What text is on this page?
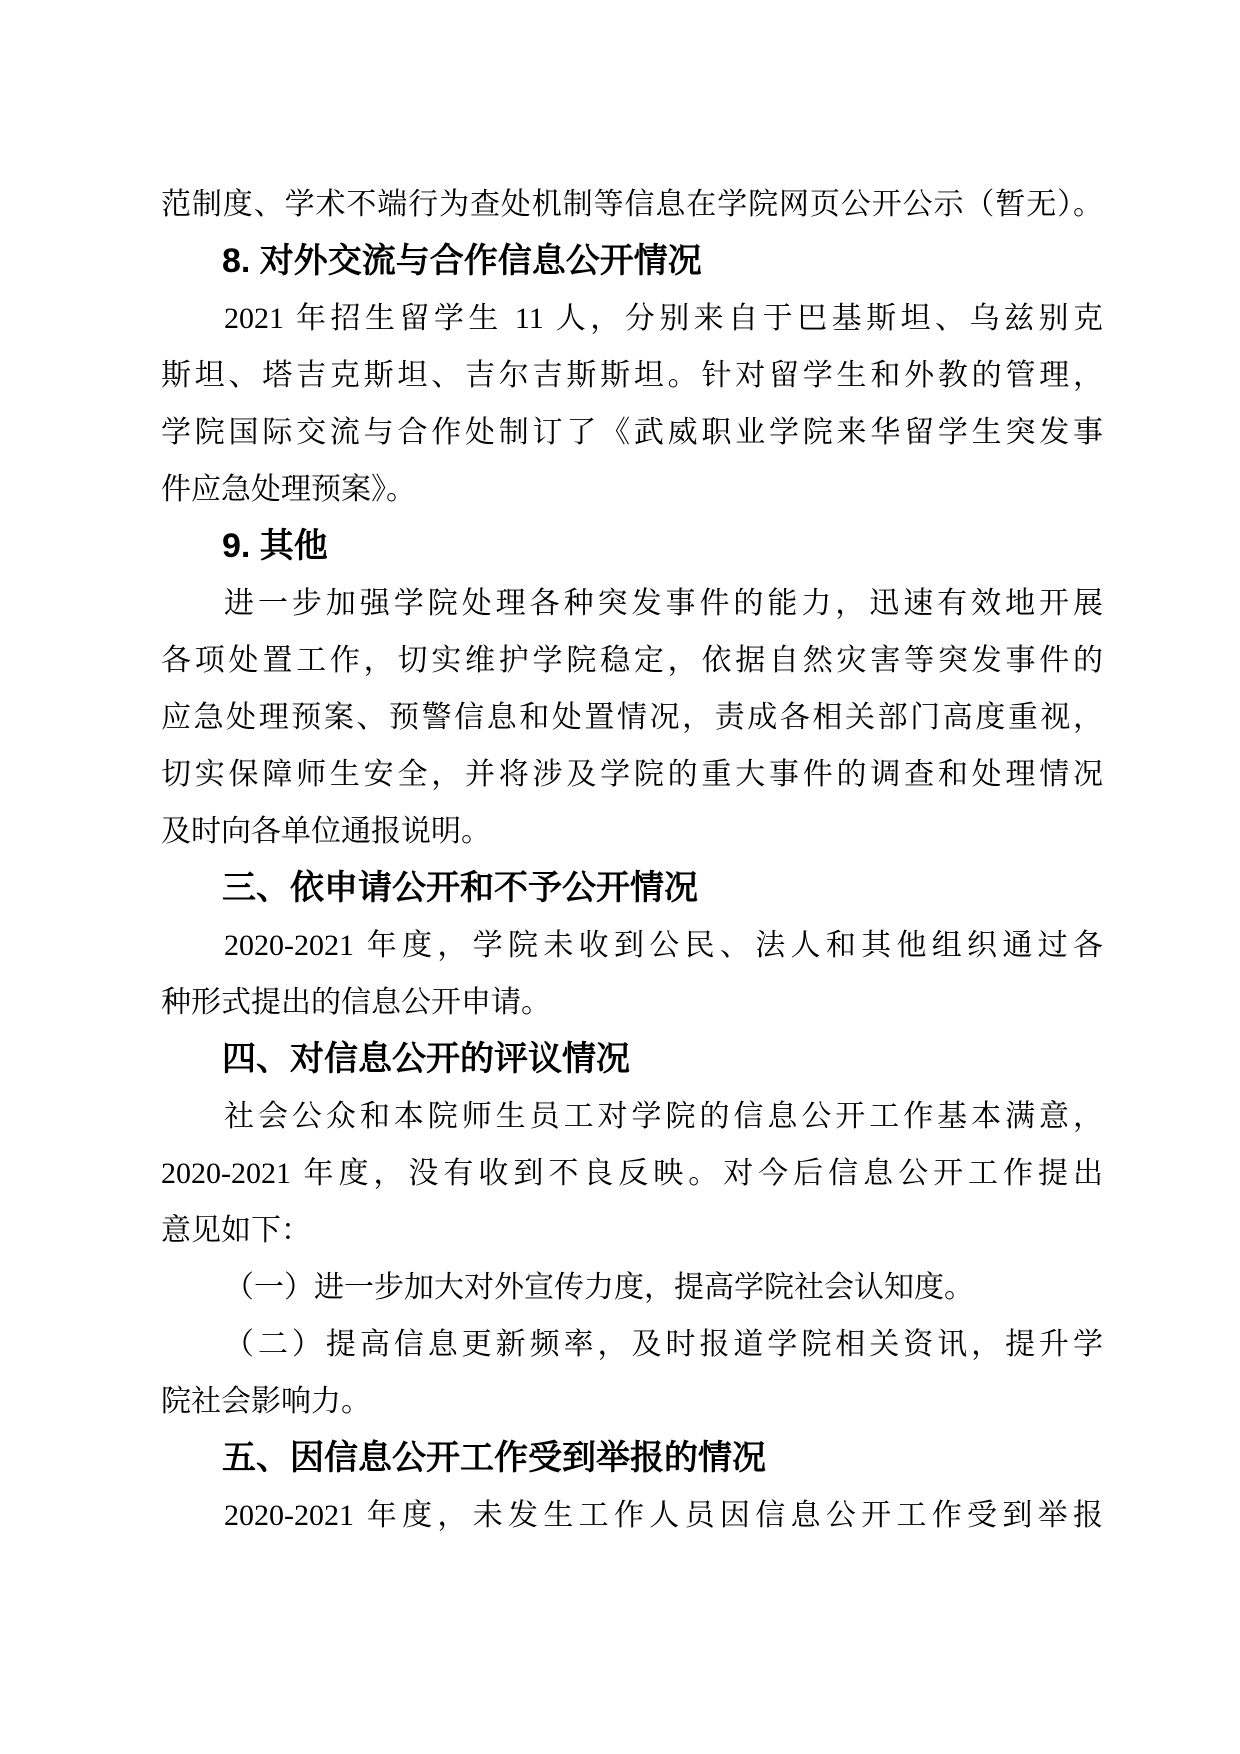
范制度、学术不端行为查处机制等信息在学院网页公开公示（暂无）。
8. 对外交流与合作信息公开情况
2021 年招生留学生 11 人，分别来自于巴基斯坦、乌兹别克
斯坦、塔吉克斯坦、吉尔吉斯斯坦。针对留学生和外教的管理，
学院国际交流与合作处制订了《武威职业学院来华留学生突发事
件应急处理预案》。
9. 其他
进一步加强学院处理各种突发事件的能力，迅速有效地开展
各项处置工作，切实维护学院稳定，依据自然灾害等突发事件的
应急处理预案、预警信息和处置情况，责成各相关部门高度重视，
切实保障师生安全，并将涉及学院的重大事件的调查和处理情况
及时向各单位通报说明。
三、依申请公开和不予公开情况
2020-2021 年度，学院未收到公民、法人和其他组织通过各
种形式提出的信息公开申请。
四、对信息公开的评议情况
社会公众和本院师生员工对学院的信息公开工作基本满意，
2020-2021 年度，没有收到不良反映。对今后信息公开工作提出
意见如下：
（一）进一步加大对外宣传力度，提高学院社会认知度。
（二）提高信息更新频率，及时报道学院相关资讯，提升学
院社会影响力。
五、因信息公开工作受到举报的情况
2020-2021 年度，未发生工作人员因信息公开工作受到举报
